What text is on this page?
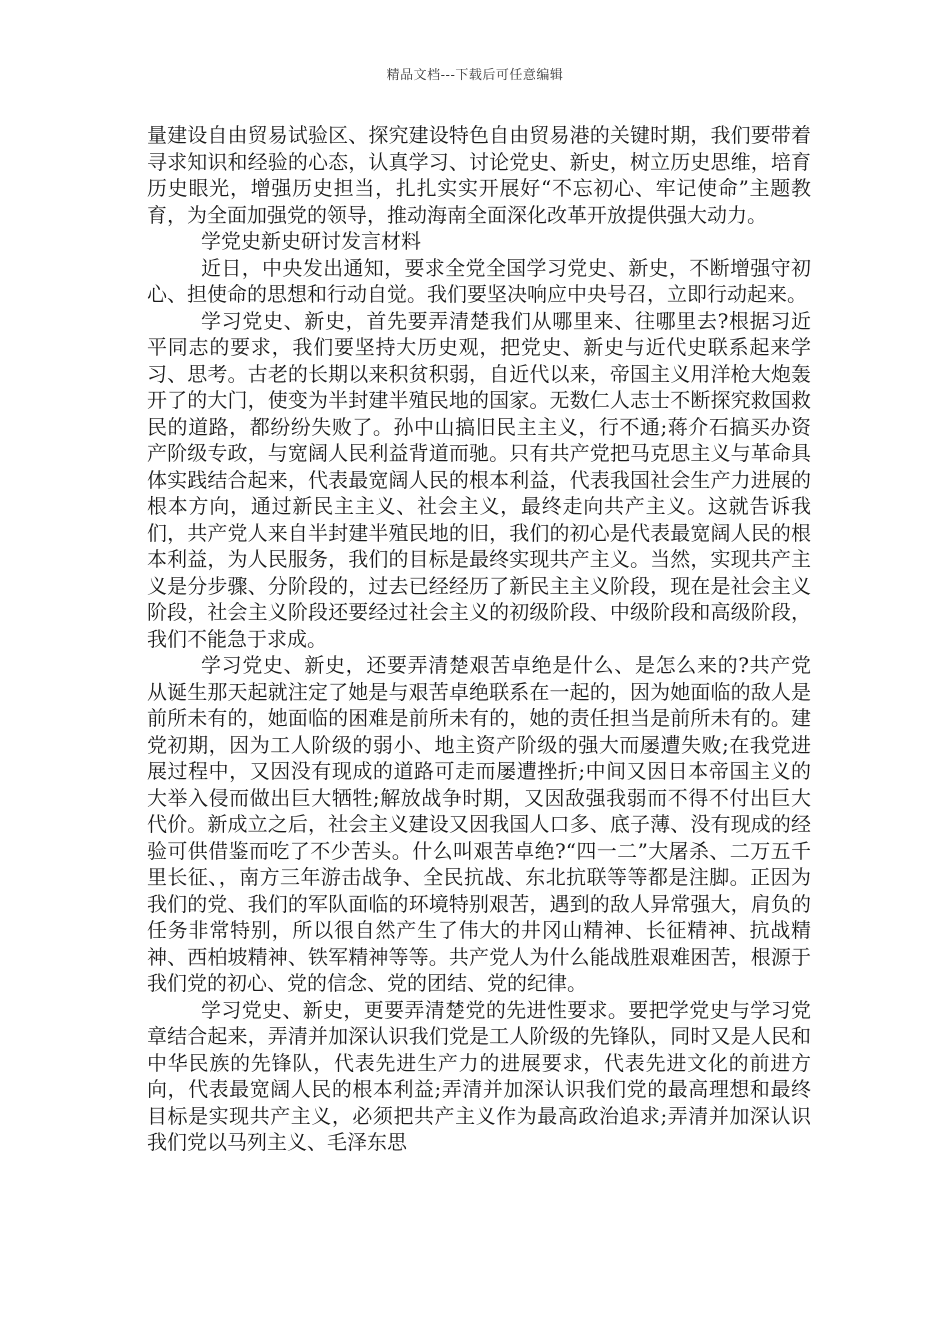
精品文档---下载后可任意编辑

量建设自由贸易试验区、探究建设特色自由贸易港的关键时期，我们要带着寻求知识和经验的心态，认真学习、讨论党史、新史，树立历史思维，培育历史眼光，增强历史担当，扎扎实实开展好“不忘初心、牢记使命”主题教育，为全面加强党的领导，推动海南全面深化改革开放提供强大动力。

学党史新史研讨发言材料

近日，中央发出通知，要求全党全国学习党史、新史，不断增强守初心、担使命的思想和行动自觉。我们要坚决响应中央号召，立即行动起来。

学习党史、新史，首先要弄清楚我们从哪里来、往哪里去?根据习近平同志的要求，我们要坚持大历史观，把党史、新史与近代史联系起来学习、思考。古老的长期以来积贫积弱，自近代以来，帝国主义用洋枪大炮轰开了的大门，使变为半封建半殖民地的国家。无数仁人志士不断探究救国救民的道路，都纷纷失败了。孙中山搞旧民主主义，行不通;蒋介石搞买办资产阶级专政，与宽阔人民利益背道而驰。只有共产党把马克思主义与革命具体实践结合起来，代表最宽阔人民的根本利益，代表我国社会生产力进展的根本方向，通过新民主主义、社会主义，最终走向共产主义。这就告诉我们，共产党人来自半封建半殖民地的旧，我们的初心是代表最宽阔人民的根本利益，为人民服务，我们的目标是最终实现共产主义。当然，实现共产主义是分步骤、分阶段的，过去已经经历了新民主主义阶段，现在是社会主义阶段，社会主义阶段还要经过社会主义的初级阶段、中级阶段和高级阶段，我们不能急于求成。

学习党史、新史，还要弄清楚艰苦卓绝是什么、是怎么来的?共产党从诞生那天起就注定了她是与艰苦卓绝联系在一起的，因为她面临的敌人是前所未有的，她面临的困难是前所未有的，她的责任担当是前所未有的。建党初期，因为工人阶级的弱小、地主资产阶级的强大而屡遭失败;在我党进展过程中，又因没有现成的道路可走而屡遭挫折;中间又因日本帝国主义的大举入侵而做出巨大牺牲;解放战争时期，又因敌强我弱而不得不付出巨大代价。新成立之后，社会主义建设又因我国人口多、底子薄、没有现成的经验可供借鉴而吃了不少苦头。什么叫艰苦卓绝?“四一二”大屠杀、二万五千里长征、，南方三年游击战争、全民抗战、东北抗联等等都是注脚。正因为我们的党、我们的军队面临的环境特别艰苦，遇到的敌人异常强大，肩负的任务非常特别，所以很自然产生了伟大的井冈山精神、长征精神、抗战精神、西柏坡精神、铁军精神等等。共产党人为什么能战胜艰难困苦，根源于我们党的初心、党的信念、党的团结、党的纪律。

学习党史、新史，更要弄清楚党的先进性要求。要把学党史与学习党章结合起来，弄清并加深认识我们党是工人阶级的先锋队，同时又是人民和中华民族的先锋队，代表先进生产力的进展要求，代表先进文化的前进方向，代表最宽阔人民的根本利益;弄清并加深认识我们党的最高理想和最终目标是实现共产主义，必须把共产主义作为最高政治追求;弄清并加深认识我们党以马列主义、毛泽东思
